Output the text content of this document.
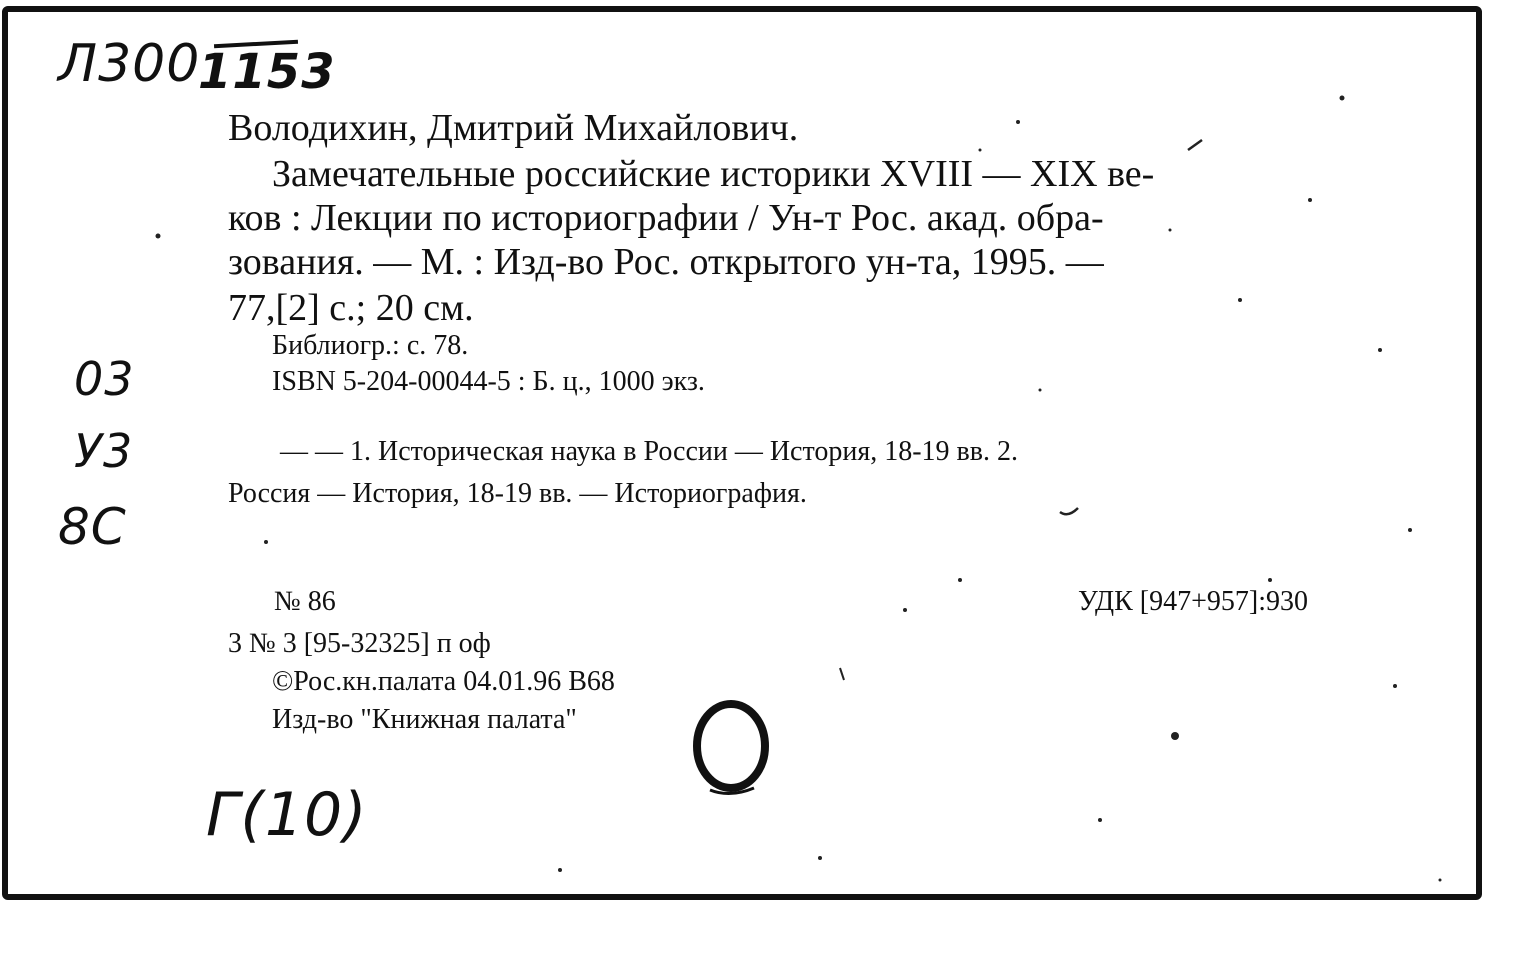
Л300
1153
03
У3
8С
Г(10)
Володихин, Дмитрий Михайлович.
Замечательные российские историки XVIII — XIX ве-
ков : Лекции по историографии / Ун-т Рос. акад. обра-
зования. — М. : Изд-во Рос. открытого ун-та, 1995. —
77,[2] с.; 20 см.
Библиогр.: с. 78.
ISBN 5-204-00044-5 : Б. ц., 1000 экз.
— — 1. Историческая наука в России — История, 18-19 вв. 2.
Россия — История, 18-19 вв. — Историография.
№ 86	УДК [947+957]:930
3 № 3 [95-32325] п оф
©Рос.кн.палата 04.01.96 В68
Изд-во "Книжная палата"
